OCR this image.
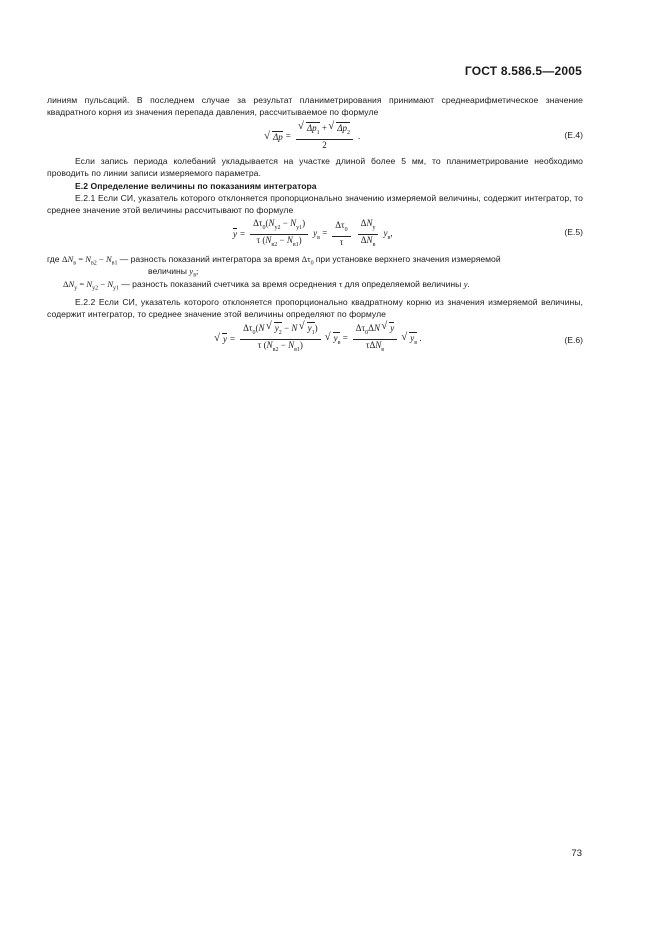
ГОСТ 8.586.5—2005
линиям пульсаций. В последнем случае за результат планиметрирования принимают среднеарифметическое значение квадратного корня из значения перепада давления, рассчитываемое по формуле
√ Δp = √ $\frac{\Delta p_1 + √ \Delta p_2}{2}$ .	(Е.4)
Если запись периода колебаний укладывается на участке длиной более 5 мм, то планиметрирование необходимо проводить по линии записи измеряемого параметра.
Е.2 Определение величины по показаниям интегратора
Е.2.1 Если СИ, указатель которого отклоняется пропорционально значению измеряемой величины, содержит интегратор, то среднее значение этой величины рассчитывают по формуле
$\overline{y} = \frac{\Delta\tau_0(N_{y2} - N_{y1})}{\tau (N_{в2} - N_{в1})} y_в = \frac{\Delta\tau_0}{\tau} \frac{\Delta N_y}{\Delta N_в} y_в$,	(Е.5)
где $\Delta N_в = N_{в2} - N_{в1}$ — разность показаний интегратора за время $\Delta\tau_0$ при установке верхнего значения измеряемой
величины $y_в$;
$\Delta N_y = N_{y2} - N_{y1}$ — разность показаний счетчика за время осреднения τ для определяемой величины y.
Е.2.2 Если СИ, указатель которого отклоняется пропорционально квадратному корню из значения измеряемой величины, содержит интегратор, то среднее значение этой величины определяют по формуле
√ $\overline{y} = \frac{\Delta\tau_0(N √ y_2 - N √ y_1)}{\tau (N_{в2} - N_{в1})}$	√ $y_в = \frac{\Delta\tau_0\Delta N √ y}{\tau\Delta N_в}$	√ $y_в$ .	(Е.6)
73
